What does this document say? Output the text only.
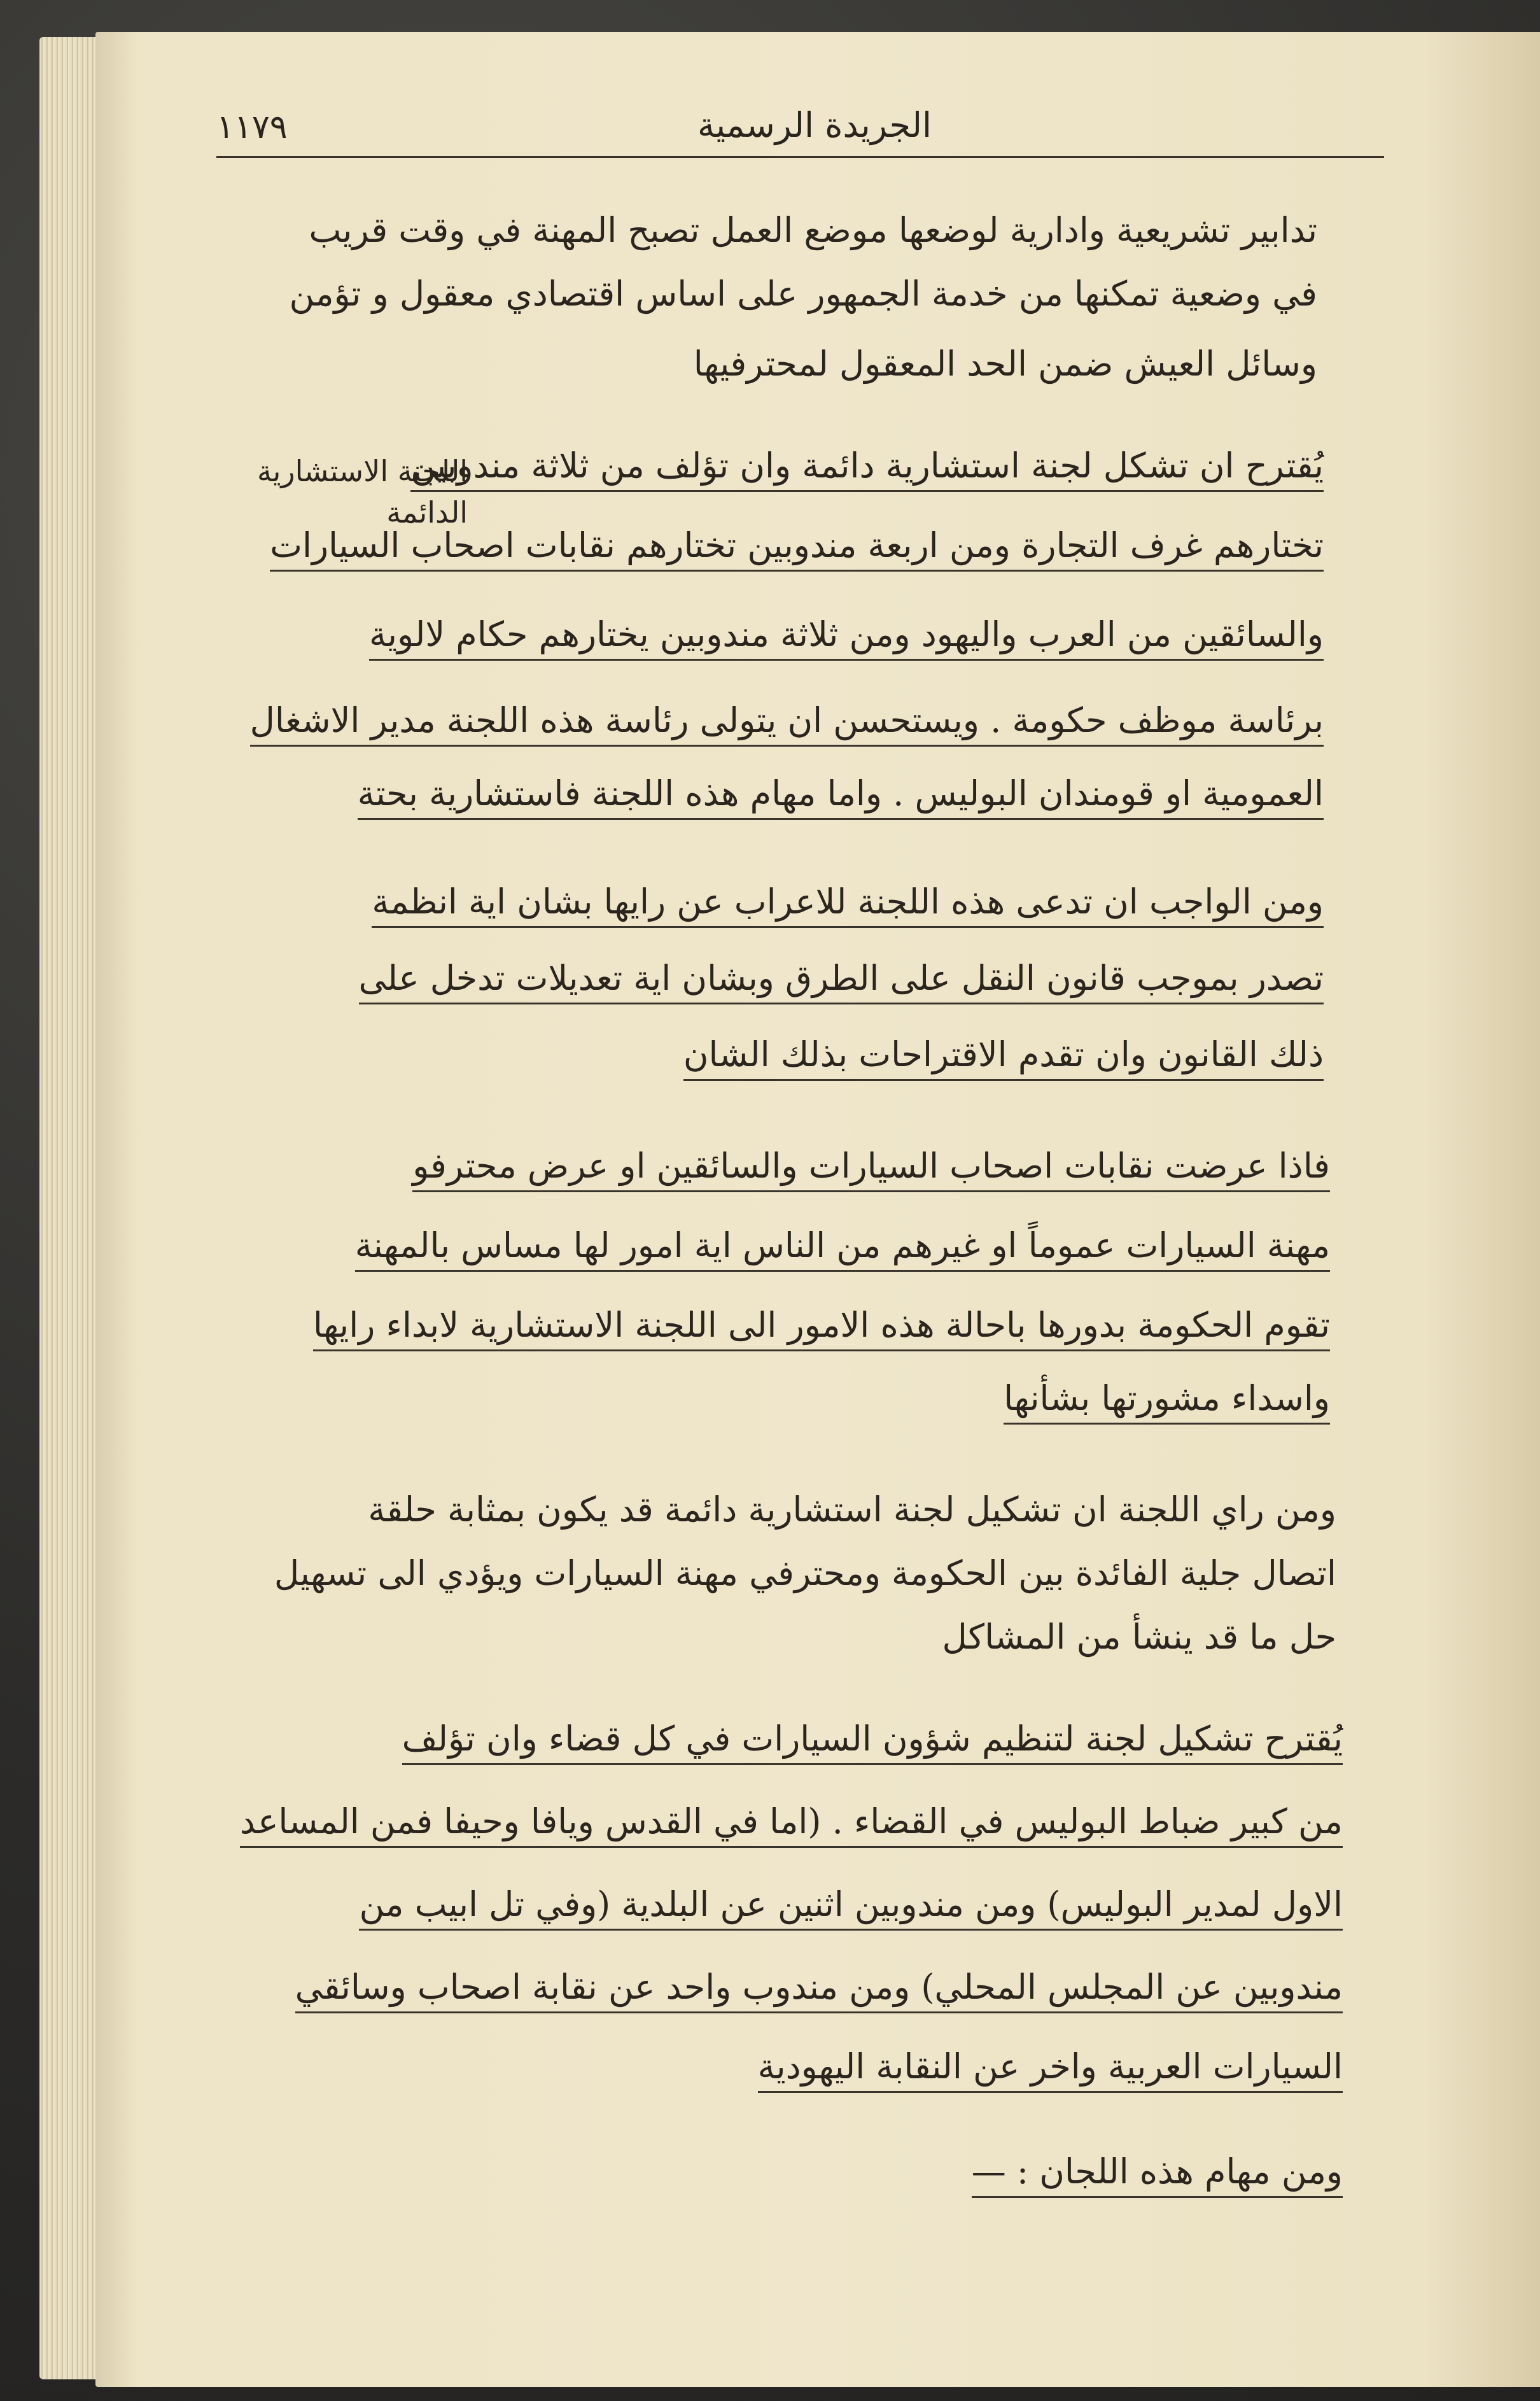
الجريدة الرسمية
١١٧٩
اللجنة الاستشارية
الدائمة
تدابير تشريعية وادارية لوضعها موضع العمل تصبح المهنة في وقت قريب
في وضعية تمكنها من خدمة الجمهور على اساس اقتصادي معقول و تؤمن
وسائل العيش ضمن الحد المعقول لمحترفيها
يُقترح ان تشكل لجنة استشارية دائمة وان تؤلف من ثلاثة مندوبين
تختارهم غرف التجارة ومن اربعة مندوبين تختارهم نقابات اصحاب السيارات
والسائقين من العرب واليهود ومن ثلاثة مندوبين يختارهم حكام لالوية
برئاسة موظف حكومة . ويستحسن ان يتولى رئاسة هذه اللجنة مدير الاشغال
العمومية او قومندان البوليس . واما مهام هذه اللجنة فاستشارية بحتة
ومن الواجب ان تدعى هذه اللجنة للاعراب عن رايها بشان اية انظمة
تصدر بموجب قانون النقل على الطرق وبشان اية تعديلات تدخل على
ذلك القانون وان تقدم الاقتراحات بذلك الشان
فاذا عرضت نقابات اصحاب السيارات والسائقين او عرض محترفو
مهنة السيارات عموماً او غيرهم من الناس اية امور لها مساس بالمهنة
تقوم الحكومة بدورها باحالة هذه الامور الى اللجنة الاستشارية لابداء رايها
واسداء مشورتها بشأنها
ومن راي اللجنة ان تشكيل لجنة استشارية دائمة قد يكون بمثابة حلقة
اتصال جلية الفائدة بين الحكومة ومحترفي مهنة السيارات ويؤدي الى تسهيل
حل ما قد ينشأ من المشاكل
يُقترح تشكيل لجنة لتنظيم شؤون السيارات في كل قضاء وان تؤلف
من كبير ضباط البوليس في القضاء . (اما في القدس ويافا وحيفا فمن المساعد
الاول لمدير البوليس) ومن مندوبين اثنين عن البلدية (وفي تل ابيب من
مندوبين عن المجلس المحلي) ومن مندوب واحد عن نقابة اصحاب وسائقي
السيارات العربية واخر عن النقابة اليهودية
ومن مهام هذه اللجان : —
